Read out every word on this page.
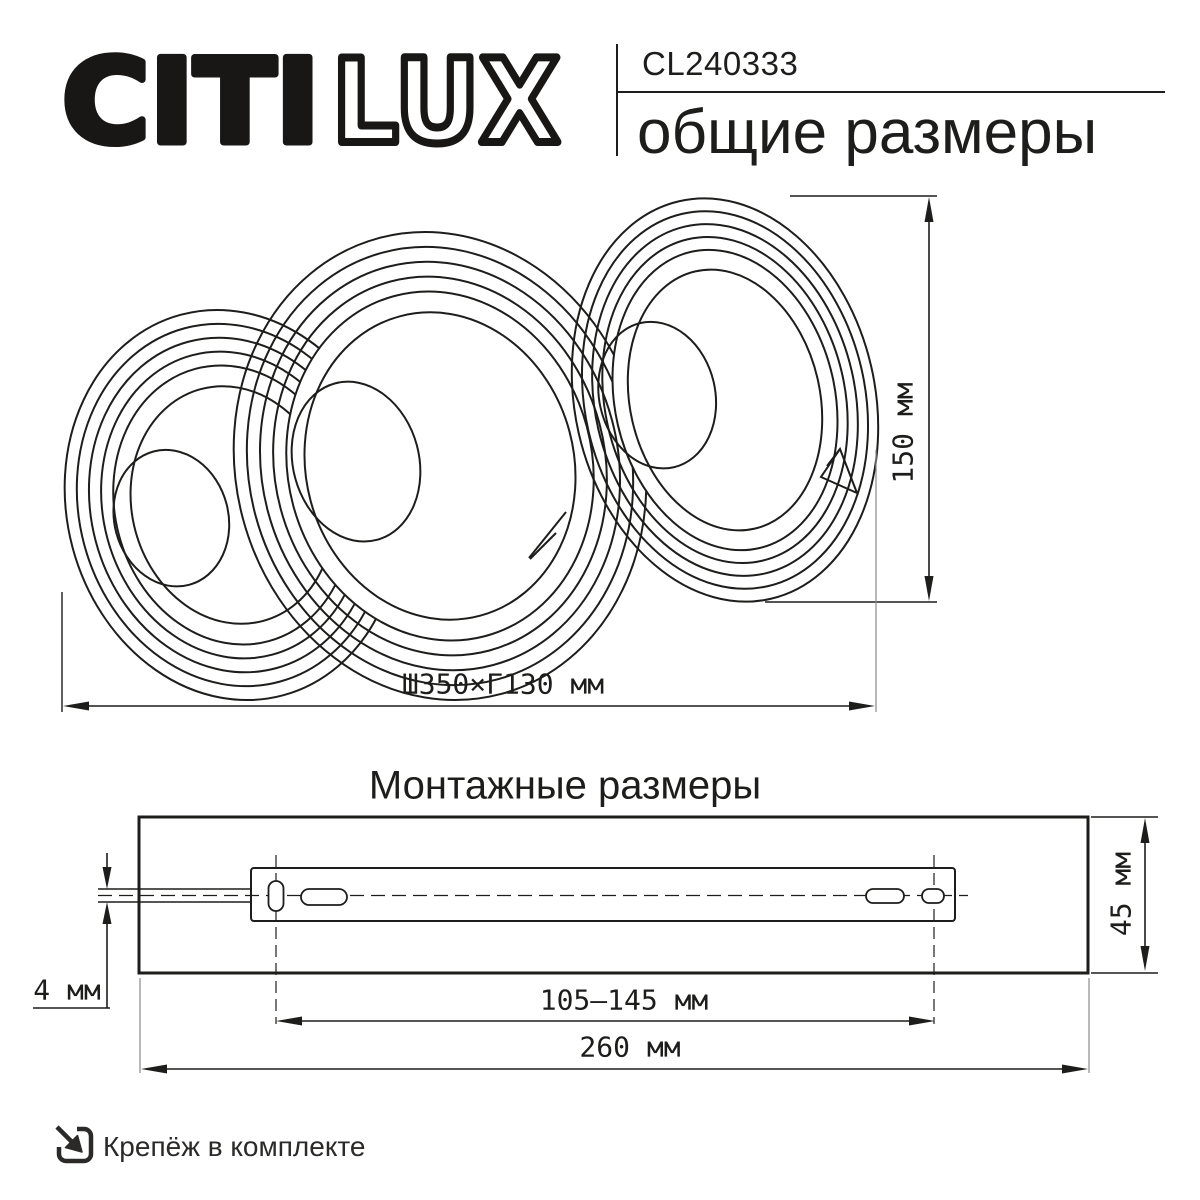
CITI LUX CL240333
общие размеры
150 мм
Ш350×Г130 мм
Монтажные размеры
4 мм	105–145 мм
260 мм
45 мм
Крепёж в комплекте
